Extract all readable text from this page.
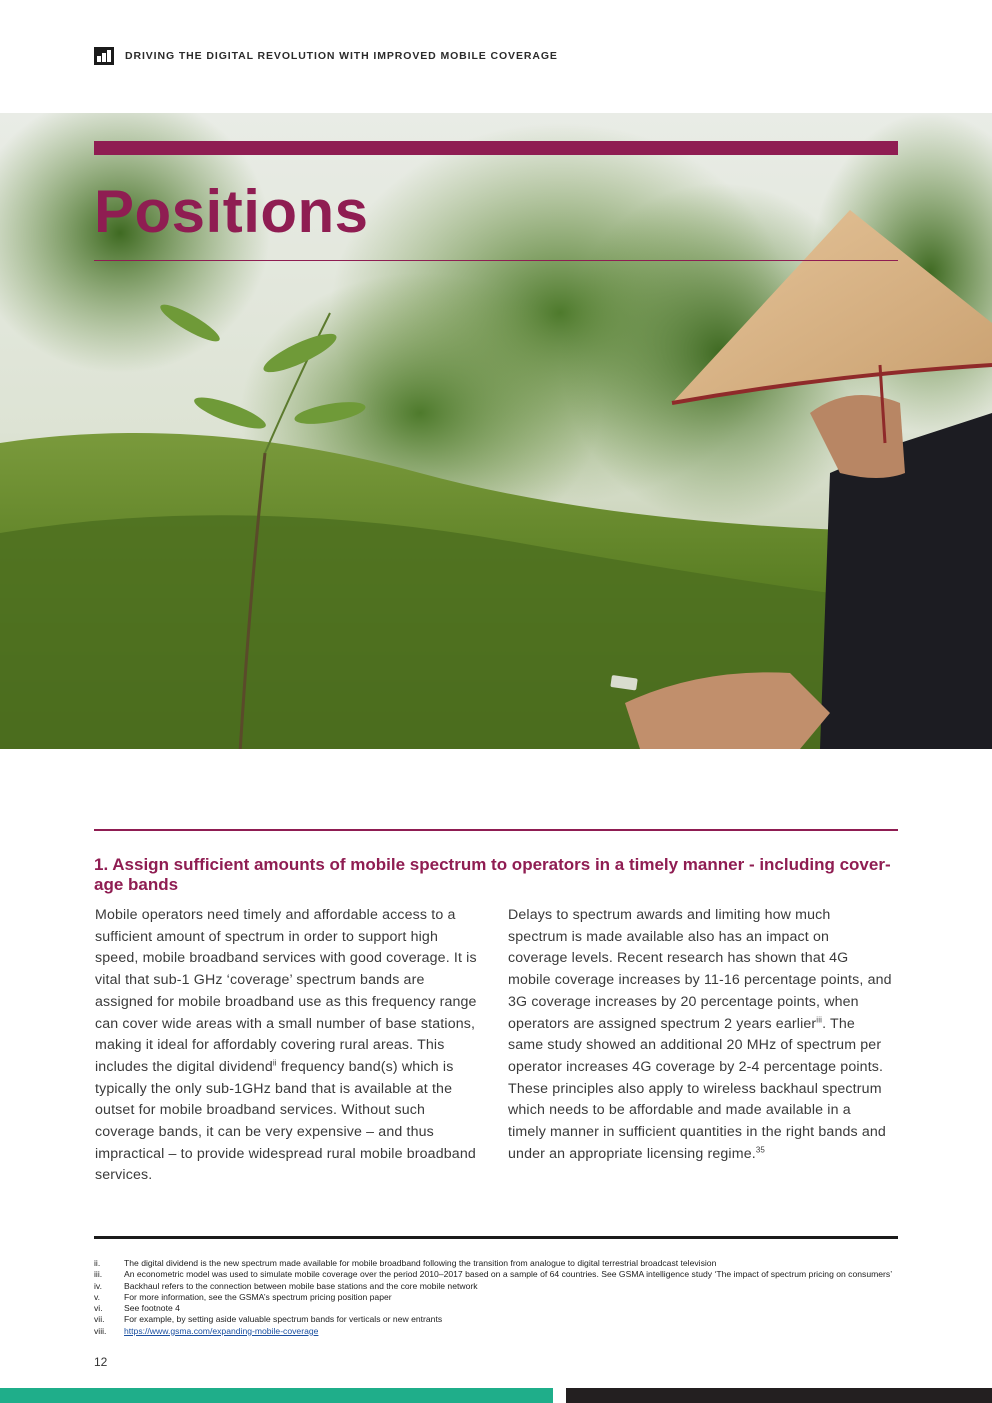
DRIVING THE DIGITAL REVOLUTION WITH IMPROVED MOBILE COVERAGE
Positions
1. Assign sufficient amounts of mobile spectrum to operators in a timely manner - including cover-age bands

Mobile operators need timely and affordable access to a sufficient amount of spectrum in order to support high speed, mobile broadband services with good coverage. It is vital that sub-1 GHz ‘coverage’ spectrum bands are assigned for mobile broadband use as this frequency range can cover wide areas with a small number of base stations, making it ideal for affordably covering rural areas. This includes the digital dividend$^{ii}$ frequency band(s) which is typically the only sub-1GHz band that is available at the outset for mobile broadband services. Without such coverage bands, it can be very expensive – and thus impractical – to provide widespread rural mobile broadband services.

Delays to spectrum awards and limiting how much spectrum is made available also has an impact on coverage levels. Recent research has shown that 4G mobile coverage increases by 11-16 percentage points, and 3G coverage increases by 20 percentage points, when operators are assigned spectrum 2 years earlier$^{iii}$. The same study showed an additional 20 MHz of spectrum per operator increases 4G coverage by 2-4 percentage points. These principles also apply to wireless backhaul spectrum which needs to be affordable and made available in a timely manner in sufficient quantities in the right bands and under an appropriate licensing regime.$^{35}$

ii.	The digital dividend is the new spectrum made available for mobile broadband following the transition from analogue to digital terrestrial broadcast television
iii.	An econometric model was used to simulate mobile coverage over the period 2010–2017 based on a sample of 64 countries. See GSMA intelligence study ‘The impact of spectrum pricing on consumers’
iv.	Backhaul refers to the connection between mobile base stations and the core mobile network
v.	For more information, see the GSMA’s spectrum pricing position paper
vi.	See footnote 4
vii.	For example, by setting aside valuable spectrum bands for verticals or new entrants
viii.	https://www.gsma.com/expanding-mobile-coverage
12
